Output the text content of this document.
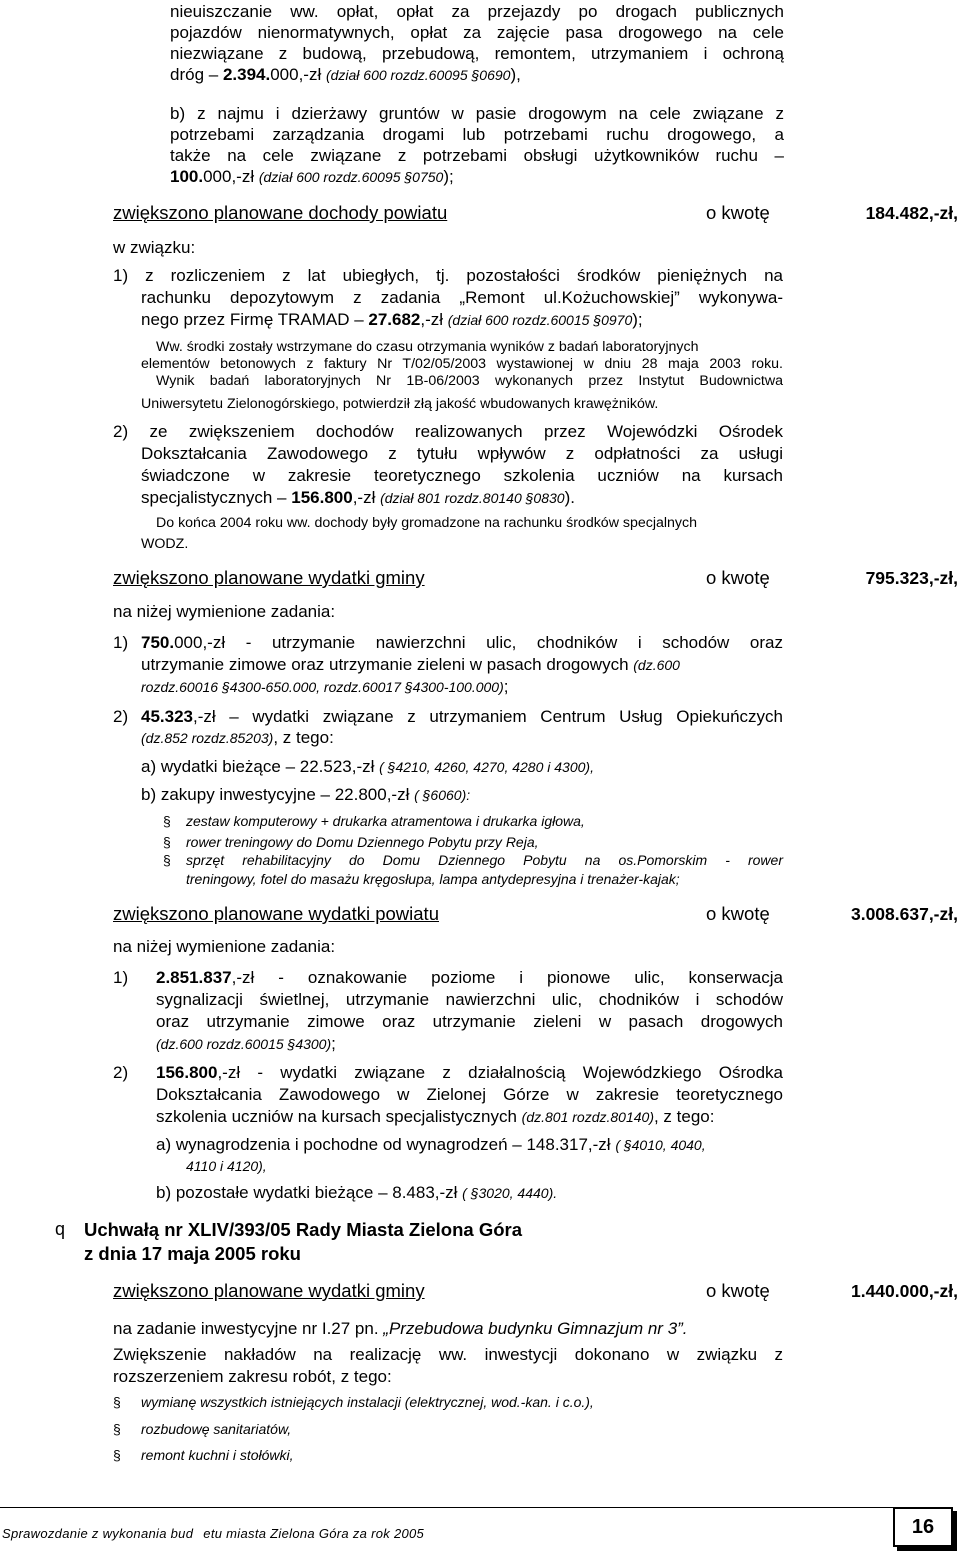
nieuiszczanie ww. opłat, opłat za przejazdy po drogach publicznych
pojazdów nienormatywnych, opłat za zajęcie pasa drogowego na cele
niezwiązane z budową, przebudową, remontem, utrzymaniem i ochroną
dróg – 2.394.000,-zł (dział 600 rozdz.60095 §0690),
b) z najmu i dzierżawy gruntów w pasie drogowym na cele związane z
potrzebami zarządzania drogami lub potrzebami ruchu drogowego, a
także na cele związane z potrzebami obsługi użytkowników ruchu –
100.000,-zł (dział 600 rozdz.60095 §0750);
zwiększono planowane dochody powiatu	o kwotę	184.482,-zł,
w związku:
1) z rozliczeniem z lat ubiegłych, tj. pozostałości środków pieniężnych na
rachunku depozytowym z zadania „Remont ul.Kożuchowskiej” wykonywa-
nego przez Firmę TRAMAD – 27.682,-zł (dział 600 rozdz.60015 §0970);
Ww. środki zostały wstrzymane do czasu otrzymania wyników z badań laboratoryjnych
elementów betonowych z faktury Nr T/02/05/2003 wystawionej w dniu 28 maja 2003 roku.
Wynik badań laboratoryjnych Nr 1B-06/2003 wykonanych przez Instytut Budownictwa
Uniwersytetu Zielonogórskiego, potwierdził złą jakość wbudowanych krawężników.
2) ze zwiększeniem dochodów realizowanych przez Wojewódzki Ośrodek
Dokształcania Zawodowego z tytułu wpływów z odpłatności za usługi
świadczone w zakresie teoretycznego szkolenia uczniów na kursach
specjalistycznych – 156.800,-zł (dział 801 rozdz.80140 §0830).
Do końca 2004 roku ww. dochody były gromadzone na rachunku środków specjalnych
WODZ.
zwiększono planowane wydatki gminy	o kwotę	795.323,-zł,
na niżej wymienione zadania:
1) 750.000,-zł - utrzymanie nawierzchni ulic, chodników i schodów oraz
utrzymanie zimowe oraz utrzymanie zieleni w pasach drogowych (dz.600
rozdz.60016 §4300-650.000, rozdz.60017 §4300-100.000);
2) 45.323,-zł – wydatki związane z utrzymaniem Centrum Usług Opiekuńczych
(dz.852 rozdz.85203), z tego:
a) wydatki bieżące – 22.523,-zł ( §4210, 4260, 4270, 4280 i 4300),
b) zakupy inwestycyjne – 22.800,-zł ( §6060):
§ zestaw komputerowy + drukarka atramentowa i drukarka igłowa,
§ rower treningowy do Domu Dziennego Pobytu przy Reja,
§ sprzęt rehabilitacyjny do Domu Dziennego Pobytu na os.Pomorskim - rower
treningowy, fotel do masażu kręgosłupa, lampa antydepresyjna i trenażer-kajak;
zwiększono planowane wydatki powiatu	o kwotę	3.008.637,-zł,
na niżej wymienione zadania:
1) 2.851.837,-zł - oznakowanie poziome i pionowe ulic, konserwacja
sygnalizacji świetlnej, utrzymanie nawierzchni ulic, chodników i schodów
oraz utrzymanie zimowe oraz utrzymanie zieleni w pasach drogowych
(dz.600 rozdz.60015 §4300);
2) 156.800,-zł - wydatki związane z działalnością Wojewódzkiego Ośrodka
Dokształcania Zawodowego w Zielonej Górze w zakresie teoretycznego
szkolenia uczniów na kursach specjalistycznych (dz.801 rozdz.80140), z tego:
a) wynagrodzenia i pochodne od wynagrodzeń – 148.317,-zł ( §4010, 4040,
4110 i 4120),
b) pozostałe wydatki bieżące – 8.483,-zł ( §3020, 4440).
q Uchwałą nr XLIV/393/05 Rady Miasta Zielona Góra
z dnia 17 maja 2005 roku
zwiększono planowane wydatki gminy	o kwotę	1.440.000,-zł,
na zadanie inwestycyjne nr I.27 pn. „Przebudowa budynku Gimnazjum nr 3”.
Zwiększenie nakładów na realizację ww. inwestycji dokonano w związku z
rozszerzeniem zakresu robót, z tego:
§ wymianę wszystkich istniejących instalacji (elektrycznej, wod.-kan. i c.o.),
§ rozbudowę sanitariatów,
§ remont kuchni i stołówki,
Sprawozdanie z wykonania bud etu miasta Zielona Góra za rok 2005	16
